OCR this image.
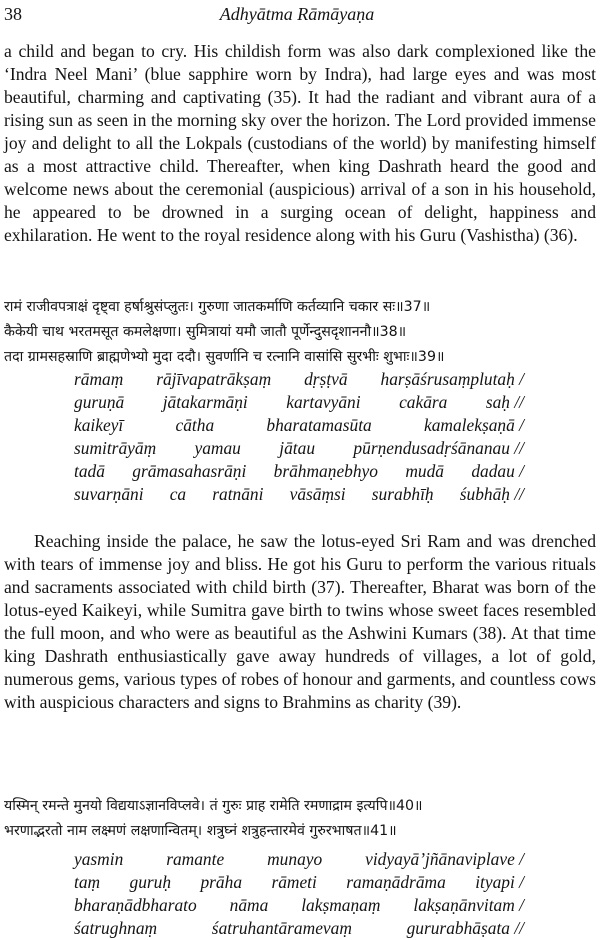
38	Adhyātma Rāmāyaṇa

a child and began to cry. His childish form was also dark complexioned like the ‘Indra Neel Mani’ (blue sapphire worn by Indra), had large eyes and was most beautiful, charming and captivating (35). It had the radiant and vibrant aura of a rising sun as seen in the morning sky over the horizon. The Lord provided immense joy and delight to all the Lokpals (custodians of the world) by manifesting himself as a most attractive child. Thereafter, when king Dashrath heard the good and welcome news about the ceremonial (auspicious) arrival of a son in his household, he appeared to be drowned in a surging ocean of delight, happiness and exhilaration. He went to the royal residence along with his Guru (Vashistha) (36).

रामं राजीवपत्राक्षं दृष्ट्वा हर्षाश्रुसंप्लुतः। गुरुणा जातकर्माणि कर्तव्यानि चकार सः॥37॥
कैकेयी चाथ भरतमसूत कमलेक्षणा। सुमित्रायां यमौ जातौ पूर्णेन्दुसदृशाननौ॥38॥
तदा ग्रामसहस्राणि ब्राह्मणेभ्यो मुदा ददौ। सुवर्णानि च रत्नानि वासांसि सुरभीः शुभाः॥39॥
rāmaṃ rājīvapatrākṣaṃ dṛṣṭvā harṣāśrusaṃplutaḥ /
guruṇā jātakarmāṇi kartavyāni cakāra saḥ //
kaikeyī	cātha	bharatamasūta	kamalekṣaṇā /
sumitrāyāṃ yamau jātau pūrṇendusadṛśānanau //
tadā grāmasahasrāṇi brāhmaṇebhyo mudā dadau /
suvarṇāni ca ratnāni vāsāṃsi surabhīḥ śubhāḥ //

Reaching inside the palace, he saw the lotus-eyed Sri Ram and was drenched with tears of immense joy and bliss. He got his Guru to perform the various rituals and sacraments associated with child birth (37). Thereafter, Bharat was born of the lotus-eyed Kaikeyi, while Sumitra gave birth to twins whose sweet faces resembled the full moon, and who were as beautiful as the Ashwini Kumars (38). At that time king Dashrath enthusiastically gave away hundreds of villages, a lot of gold, numerous gems, various types of robes of honour and garments, and countless cows with auspicious characters and signs to Brahmins as charity (39).

यस्मिन् रमन्ते मुनयो विद्ययाऽज्ञानविप्लवे। तं गुरुः प्राह रामेति रमणाद्राम इत्यपि॥40॥
भरणाद्भरतो नाम लक्ष्मणं लक्षणान्वितम्। शत्रुघ्नं शत्रुहन्तारमेवं गुरुरभाषत॥41॥
yasmin ramante munayo vidyayā’jñānaviplave /
taṃ guruḥ prāha rāmeti ramaṇādrāma ityapi /
bharaṇādbharato nāma lakṣmaṇaṃ lakṣaṇānvitam /
śatrughnaṃ	śatruhantāramevaṃ	gururabhāṣata //
